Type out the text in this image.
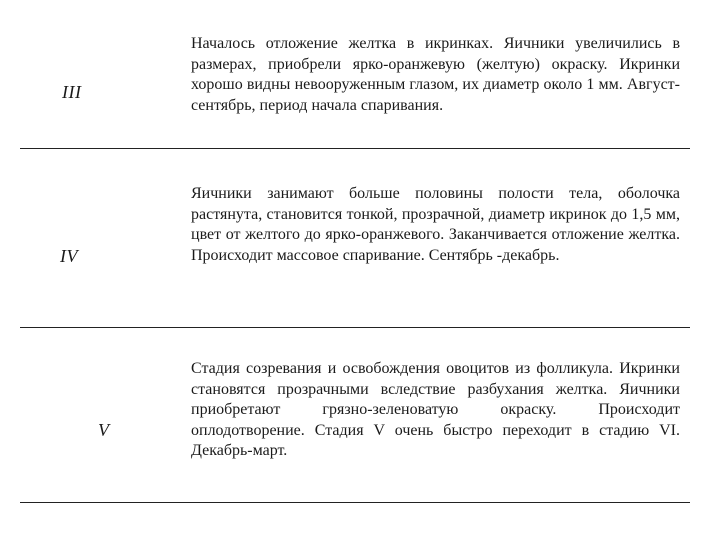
III

Началось отложение желтка в икринках. Яичники увеличились в размерах, приобрели ярко-оранжевую (желтую) окраску. Икринки хорошо видны невооруженным глазом, их диаметр около 1 мм. Август-сентябрь, период начала спаривания.

IV

Яичники занимают больше половины полости тела, оболочка растянута, становится тонкой, прозрачной, диаметр икринок до 1,5 мм, цвет от желтого до ярко-оранжевого. Заканчивается отложение желтка. Происходит массовое спаривание. Сентябрь -декабрь.

V

Стадия созревания и освобождения овоцитов из фолликула. Икринки становятся прозрачными вследствие разбухания желтка. Яичники приобретают грязно-зеленоватую окраску. Происходит оплодотворение. Стадия V очень быстро переходит в стадию VI. Декабрь-март.
